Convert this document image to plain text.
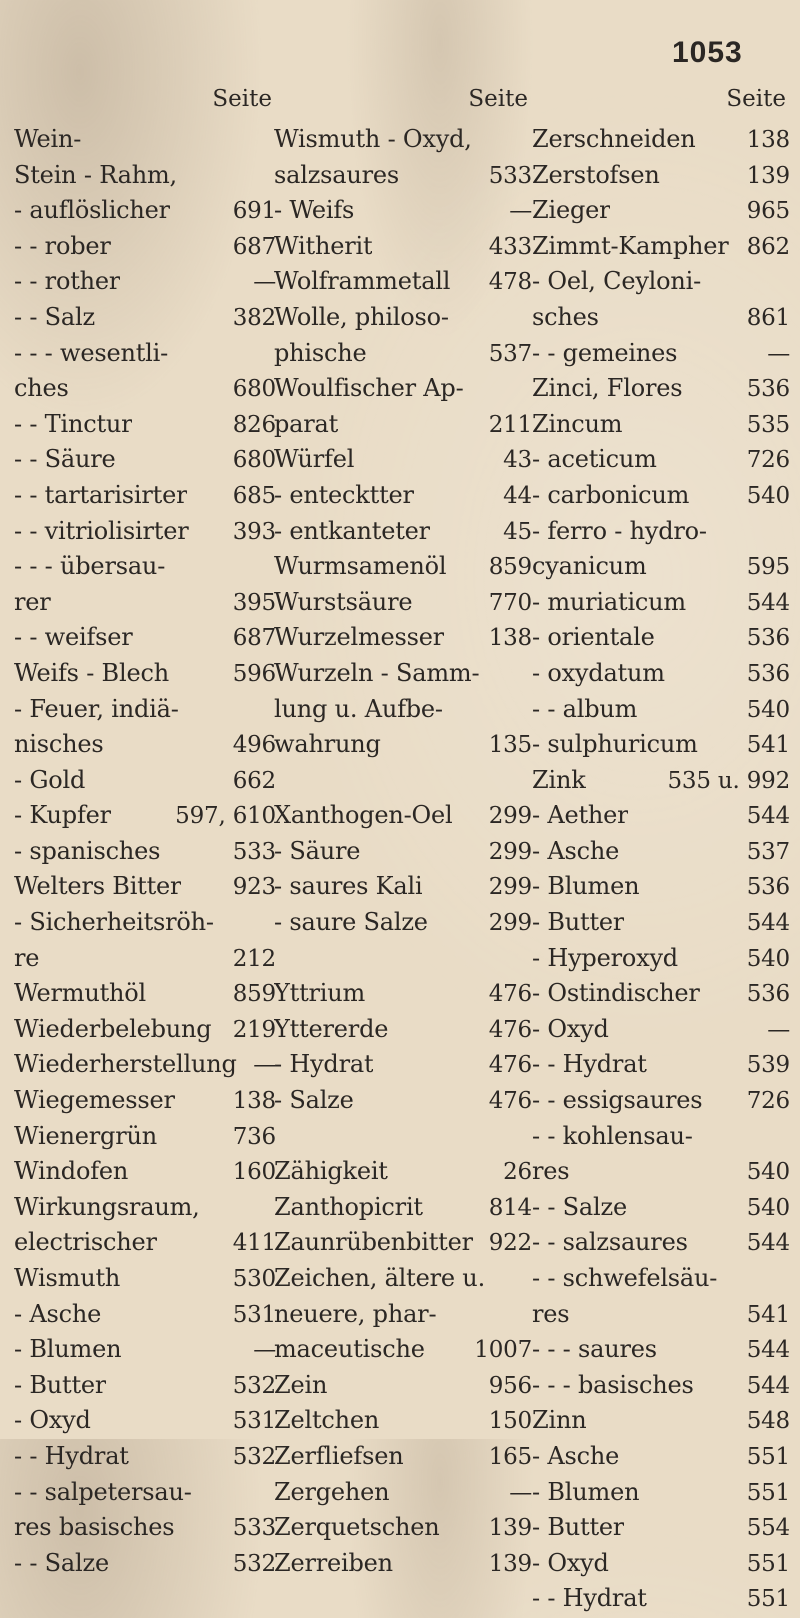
1053
Seite
Wein-
Stein - Rahm,
- auflöslicher	691
- - rober	687
- - rother	—
- - Salz	382
- - - wesentli-
ches	680
- - Tinctur	826
- - Säure	680
- - tartarisirter 685
- - vitriolisirter 393
- - - übersau-
rer	395
- - weifser	687
Weifs - Blech	596
- Feuer, indiä-
nisches	496
- Gold	662
- Kupfer	597, 610
- spanisches	533
Welters Bitter 923
- Sicherheitsröh-
re	212
Wermuthöl	859
Wiederbelebung 219
Wiederherstellung —
Wiegemesser	138
Wienergrün	736
Windofen	160
Wirkungsraum,
electrischer	411
Wismuth	530
- Asche	531
- Blumen	—
- Butter	532
- Oxyd	531
- - Hydrat	532
- - salpetersau-
res basisches	533
- - Salze	532
Seite
Wismuth - Oxyd,
salzsaures	533
- Weifs	—
Witherit	433
Wolframmetall 478
Wolle, philoso-
phische	537
Woulfischer Ap-
parat	211
Würfel	43
- entecktter	44
- entkanteter	45
Wurmsamenöl 859
Wurstsäure	770
Wurzelmesser 138
Wurzeln - Samm-
lung u. Aufbe-
wahrung	135
Xanthogen-Oel 299
- Säure	299
- saures Kali	299
- saure Salze	299
Yttrium	476
Yttererde	476
- Hydrat	476
- Salze	476
Zähigkeit	26
Zanthopicrit	814
Zaunrübenbitter 922
Zeichen, ältere u.
neuere, phar-
maceutische 1007
Zein	956
Zeltchen	150
Zerfliefsen	165
Zergehen	—
Zerquetschen 139
Zerreiben	139
Seite
Zerschneiden 138
Zerstofsen	139
Zieger	965
Zimmt-Kampher 862
- Oel, Ceyloni-
sches	861
- - gemeines	—
Zinci, Flores	536
Zincum	535
- aceticum	726
- carbonicum	540
- ferro - hydro-
cyanicum	595
- muriaticum	544
- orientale	536
- oxydatum	536
- - album	540
- sulphuricum 541
Zink	535 u. 992
- Aether	544
- Asche	537
- Blumen	536
- Butter	544
- Hyperoxyd	540
- Ostindischer 536
- Oxyd	—
- - Hydrat	539
- - essigsaures 726
- - kohlensau-
res	540
- - Salze	540
- - salzsaures	544
- - schwefelsäu-
res	541
- - - saures	544
- - - basisches 544
Zinn	548
- Asche	551
- Blumen	551
- Butter	554
- Oxyd	551
- - Hydrat	551
